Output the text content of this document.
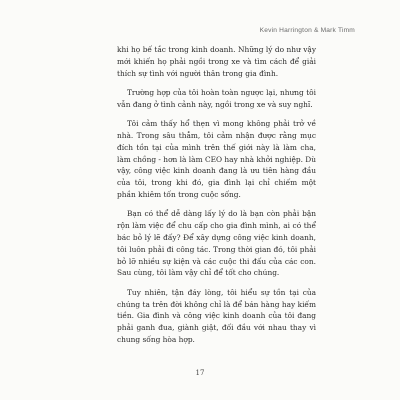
Kevin Harrington & Mark Timm

khi họ bế tắc trong kinh doanh. Những lý do như vậy mới khiến họ phải ngồi trong xe và tìm cách để giải thích sự tình với người thân trong gia đình.

Trường hợp của tôi hoàn toàn ngược lại, nhưng tôi vẫn đang ở tình cảnh này, ngồi trong xe và suy nghĩ.

Tôi cảm thấy hổ thẹn vì mong không phải trở về nhà. Trong sâu thẳm, tôi cảm nhận được rằng mục đích tồn tại của mình trên thế giới này là làm cha, làm chồng - hơn là làm CEO hay nhà khởi nghiệp. Dù vậy, công việc kinh doanh đang là ưu tiên hàng đầu của tôi, trong khi đó, gia đình lại chỉ chiếm một phần khiêm tốn trong cuộc sống.

Bạn có thể dễ dàng lấy lý do là bạn còn phải bận rộn làm việc để chu cấp cho gia đình mình, ai có thể bác bỏ lý lẽ đấy? Để xây dựng công việc kinh doanh, tôi luôn phải đi công tác. Trong thời gian đó, tôi phải bỏ lỡ nhiều sự kiện và các cuộc thi đấu của các con. Sau cùng, tôi làm vậy chỉ để tốt cho chúng.

Tuy nhiên, tận đáy lòng, tôi hiểu sự tồn tại của chúng ta trên đời không chỉ là để bán hàng hay kiếm tiền. Gia đình và công việc kinh doanh của tôi đang phải ganh đua, giành giật, đối đầu với nhau thay vì chung sống hòa hợp.

17
